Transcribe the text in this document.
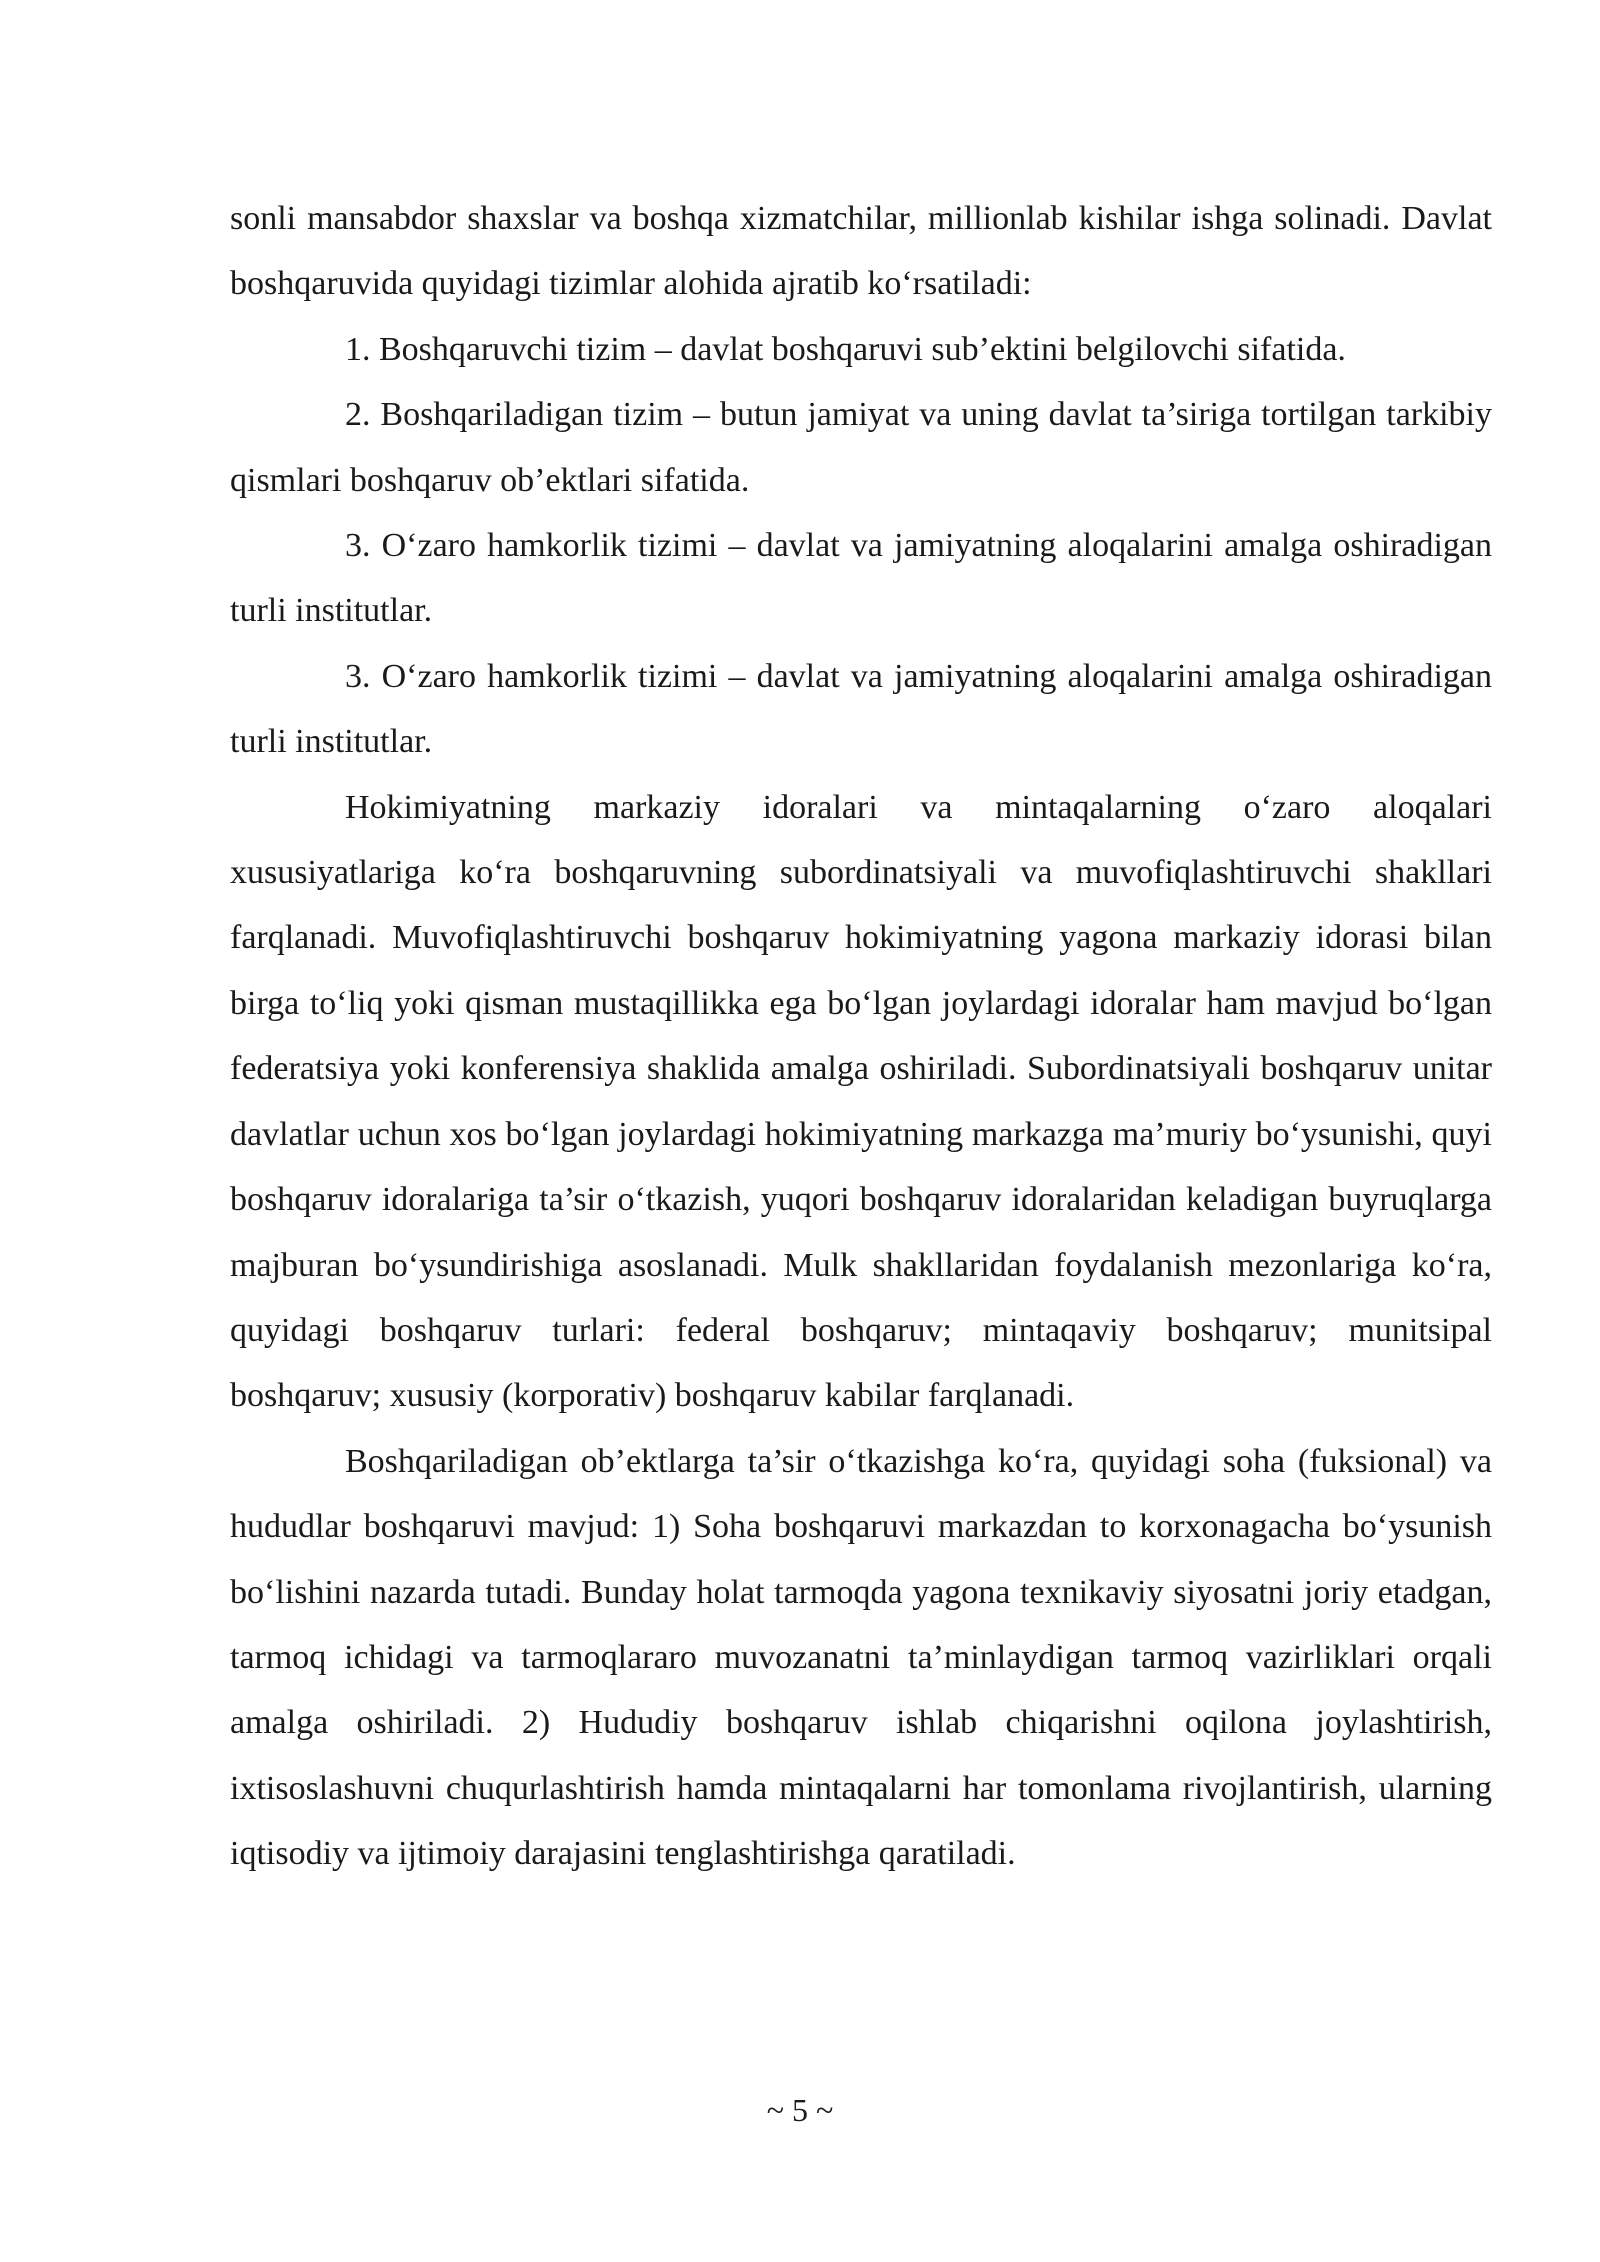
sonli mansabdor shaxslar va boshqa xizmatchilar, millionlab kishilar ishga solinadi. Davlat boshqaruvida quyidagi tizimlar alohida ajratib ko‘rsatiladi:

1. Boshqaruvchi tizim – davlat boshqaruvi sub’ektini belgilovchi sifatida.

2. Boshqariladigan tizim – butun jamiyat va uning davlat ta’siriga tortilgan tarkibiy qismlari boshqaruv ob’ektlari sifatida.

3. O‘zaro hamkorlik tizimi – davlat va jamiyatning aloqalarini amalga oshiradigan turli institutlar.

3. O‘zaro hamkorlik tizimi – davlat va jamiyatning aloqalarini amalga oshiradigan turli institutlar.

Hokimiyatning markaziy idoralari va mintaqalarning o‘zaro aloqalari xususiyatlariga ko‘ra boshqaruvning subordinatsiyali va muvofiqlashtiruvchi shakllari farqlanadi. Muvofiqlashtiruvchi boshqaruv hokimiyatning yagona markaziy idorasi bilan birga to‘liq yoki qisman mustaqillikka ega bo‘lgan joylardagi idoralar ham mavjud bo‘lgan federatsiya yoki konferensiya shaklida amalga oshiriladi. Subordinatsiyali boshqaruv unitar davlatlar uchun xos bo‘lgan joylardagi hokimiyatning markazga ma’muriy bo‘ysunishi, quyi boshqaruv idoralariga ta’sir o‘tkazish, yuqori boshqaruv idoralaridan keladigan buyruqlarga majburan bo‘ysundirishiga asoslanadi. Mulk shakllaridan foydalanish mezonlariga ko‘ra, quyidagi boshqaruv turlari: federal boshqaruv; mintaqaviy boshqaruv; munitsipal boshqaruv; xususiy (korporativ) boshqaruv kabilar farqlanadi.

Boshqariladigan ob’ektlarga ta’sir o‘tkazishga ko‘ra, quyidagi soha (fuksional) va hududlar boshqaruvi mavjud: 1) Soha boshqaruvi markazdan to korxonagacha bo‘ysunish bo‘lishini nazarda tutadi. Bunday holat tarmoqda yagona texnikaviy siyosatni joriy etadgan, tarmoq ichidagi va tarmoqlararo muvozanatni ta’minlaydigan tarmoq vazirliklari orqali amalga oshiriladi. 2) Hududiy boshqaruv ishlab chiqarishni oqilona joylashtirish, ixtisoslashuvni chuqurlashtirish hamda mintaqalarni har tomonlama rivojlantirish, ularning iqtisodiy va ijtimoiy darajasini tenglashtirishga qaratiladi.

~ 5 ~
